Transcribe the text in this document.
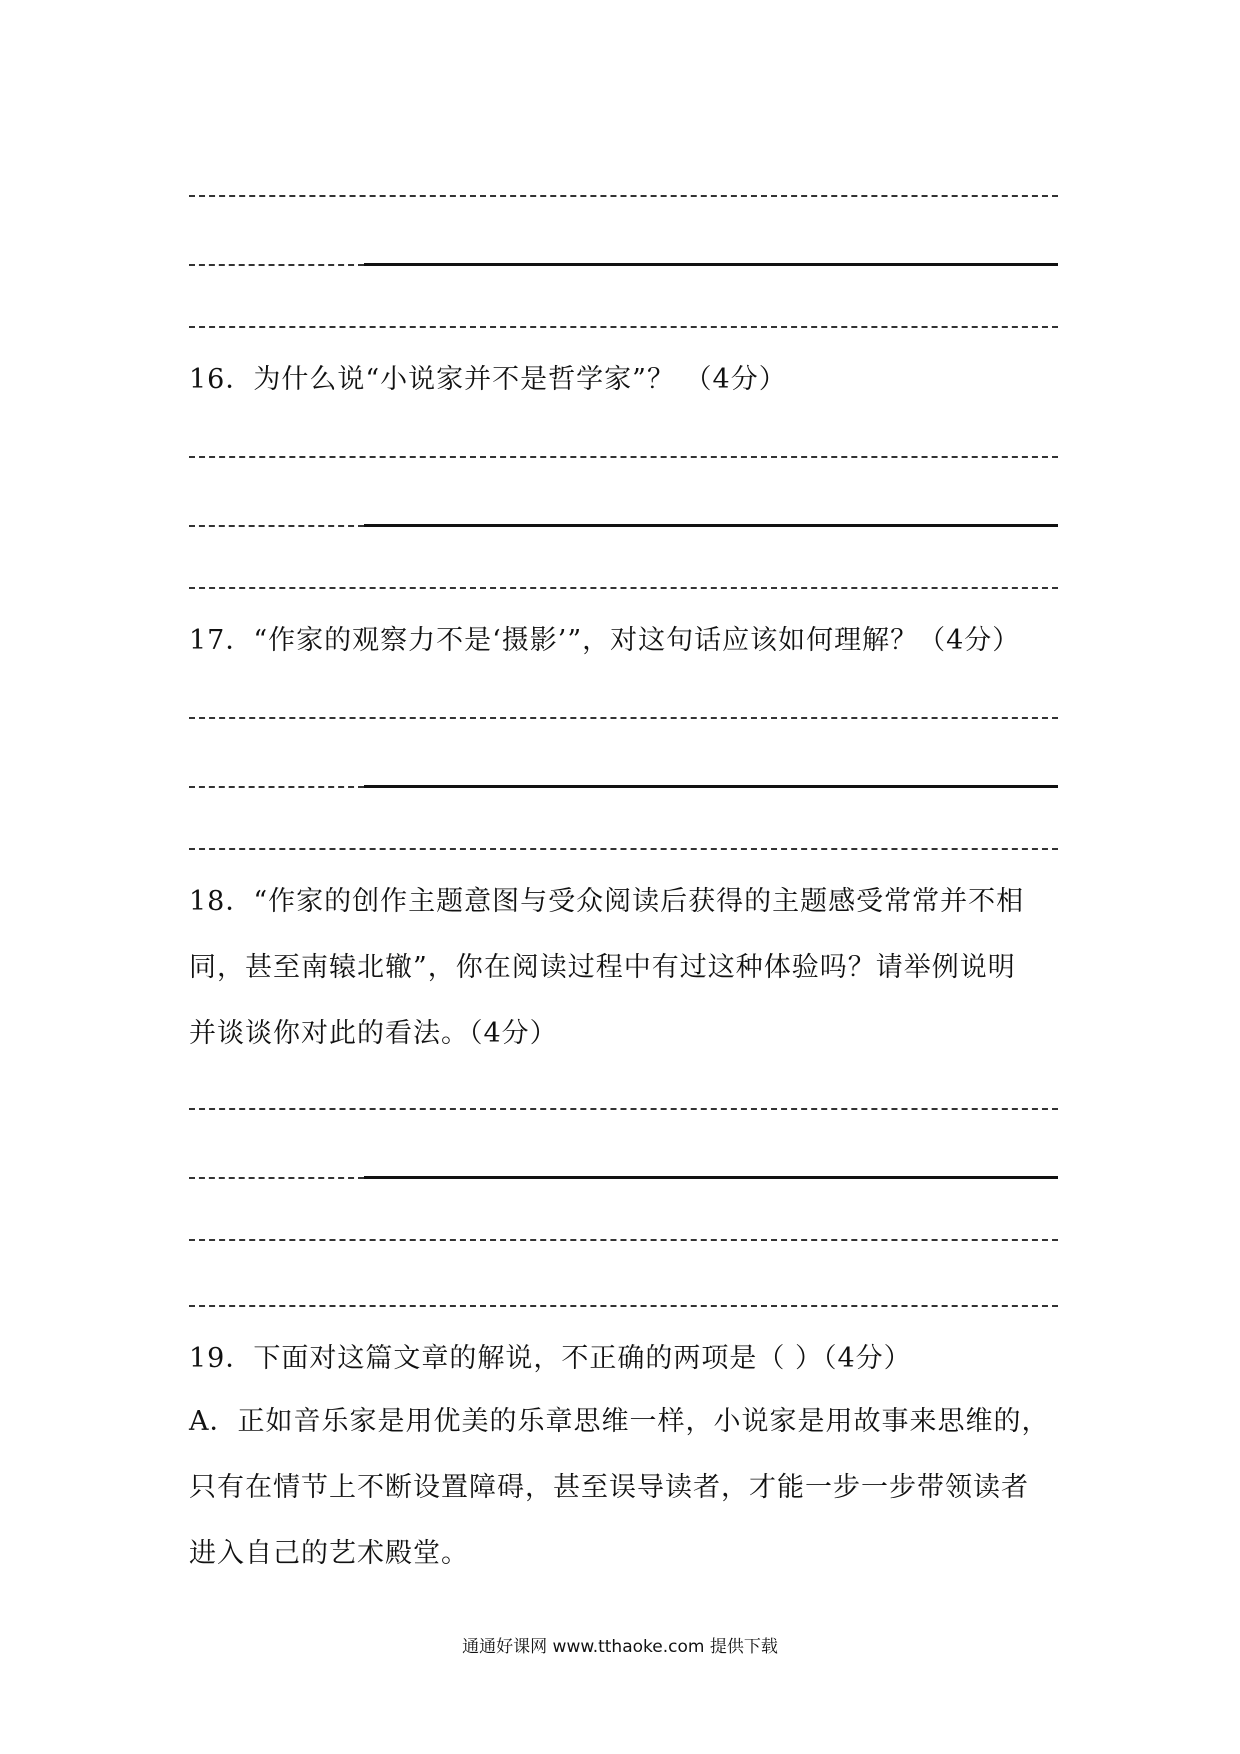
16．为什么说“小说家并不是哲学家”？ （4分）
17．“作家的观察力不是‘摄影’”，对这句话应该如何理解？（4分）
18．“作家的创作主题意图与受众阅读后获得的主题感受常常并不相
同，甚至南辕北辙”，你在阅读过程中有过这种体验吗？请举例说明
并谈谈你对此的看法。（4分）
19．下面对这篇文章的解说，不正确的两项是（ ）（4分）
A．正如音乐家是用优美的乐章思维一样，小说家是用故事来思维的，
只有在情节上不断设置障碍，甚至误导读者，才能一步一步带领读者
进入自己的艺术殿堂。
通通好课网 www.tthaoke.com 提供下载
